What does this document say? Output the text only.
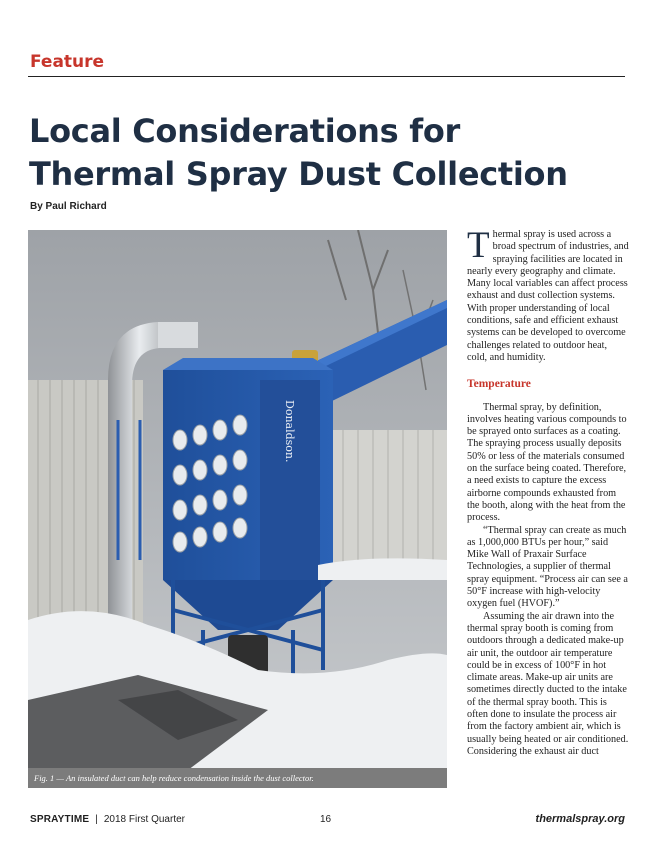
Feature
Local Considerations for
Thermal Spray Dust Collection
By Paul Richard
Donaldson.
Fig. 1 — An insulated duct can help reduce condensation inside the dust collector.

Thermal spray is used across a broad spectrum of industries, and spraying facilities are located in nearly every geography and climate. Many local variables can affect process exhaust and dust collection systems. With proper understanding of local conditions, safe and efficient exhaust systems can be developed to overcome challenges related to outdoor heat, cold, and humidity.

Temperature

Thermal spray, by definition, involves heating various compounds to be sprayed onto surfaces as a coating. The spraying process usually deposits 50% or less of the materials consumed on the surface being coated. Therefore, a need exists to capture the excess airborne compounds exhausted from the booth, along with the heat from the process.

“Thermal spray can create as much as 1,000,000 BTUs per hour,” said Mike Wall of Praxair Surface Technologies, a supplier of thermal spray equipment. “Process air can see a 50°F increase with high-velocity oxygen fuel (HVOF).”

Assuming the air drawn into the thermal spray booth is coming from outdoors through a dedicated make-up air unit, the outdoor air temperature could be in excess of 100°F in hot climate areas. Make-up air units are sometimes directly ducted to the intake of the thermal spray booth. This is often done to insulate the process air from the factory ambient air, which is usually being heated or air conditioned. Considering the exhaust air duct

SPRAYTIME | 2018 First Quarter	16	thermalspray.org
